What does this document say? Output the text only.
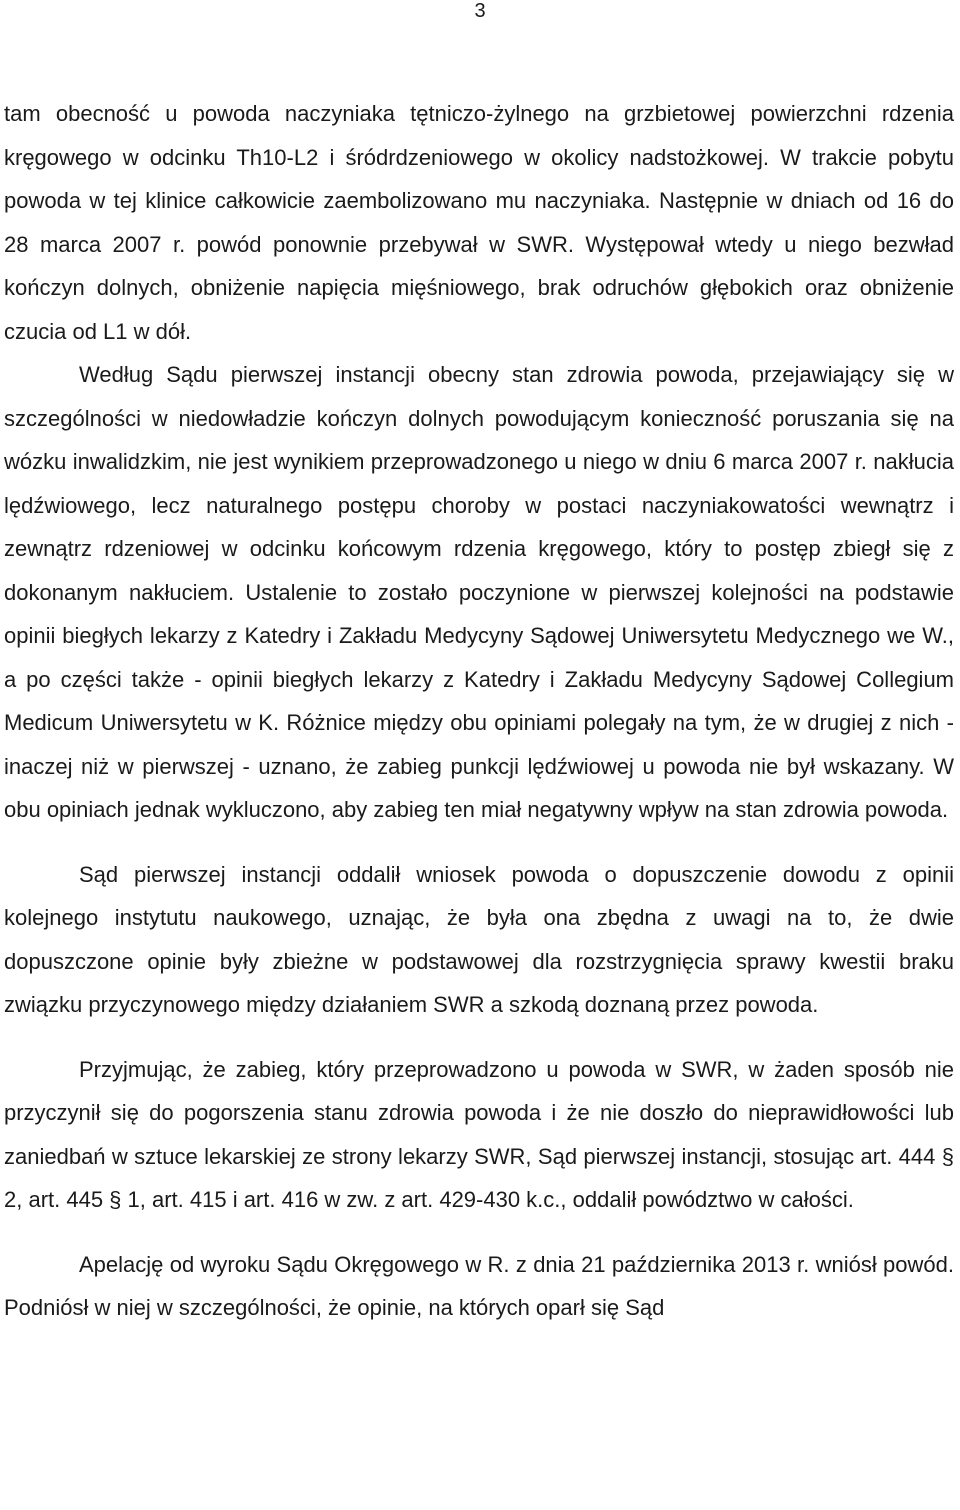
3

tam obecność u powoda naczyniaka tętniczo-żylnego na grzbietowej powierzchni rdzenia kręgowego w odcinku Th10-L2 i śródrdzeniowego w okolicy nadstożkowej. W trakcie pobytu powoda w tej klinice całkowicie zaembolizowano mu naczyniaka. Następnie w dniach od 16 do 28 marca 2007 r. powód ponownie przebywał w SWR. Występował wtedy u niego bezwład kończyn dolnych, obniżenie napięcia mięśniowego, brak odruchów głębokich oraz obniżenie czucia od L1 w dół.

Według Sądu pierwszej instancji obecny stan zdrowia powoda, przejawiający się w szczególności w niedowładzie kończyn dolnych powodującym konieczność poruszania się na wózku inwalidzkim, nie jest wynikiem przeprowadzonego u niego w dniu 6 marca 2007 r. nakłucia lędźwiowego, lecz naturalnego postępu choroby w postaci naczyniakowatości wewnątrz i zewnątrz rdzeniowej w odcinku końcowym rdzenia kręgowego, który to postęp zbiegł się z dokonanym nakłuciem. Ustalenie to zostało poczynione w pierwszej kolejności na podstawie opinii biegłych lekarzy z Katedry i Zakładu Medycyny Sądowej Uniwersytetu Medycznego we W., a po części także - opinii biegłych lekarzy z Katedry i Zakładu Medycyny Sądowej Collegium Medicum Uniwersytetu w K. Różnice między obu opiniami polegały na tym, że w drugiej z nich - inaczej niż w pierwszej - uznano, że zabieg punkcji lędźwiowej u powoda nie był wskazany. W obu opiniach jednak wykluczono, aby zabieg ten miał negatywny wpływ na stan zdrowia powoda.

Sąd pierwszej instancji oddalił wniosek powoda o dopuszczenie dowodu z opinii kolejnego instytutu naukowego, uznając, że była ona zbędna z uwagi na to, że dwie dopuszczone opinie były zbieżne w podstawowej dla rozstrzygnięcia sprawy kwestii braku związku przyczynowego między działaniem SWR a szkodą doznaną przez powoda.

Przyjmując, że zabieg, który przeprowadzono u powoda w SWR, w żaden sposób nie przyczynił się do pogorszenia stanu zdrowia powoda i że nie doszło do nieprawidłowości lub zaniedbań w sztuce lekarskiej ze strony lekarzy SWR, Sąd pierwszej instancji, stosując art. 444 § 2, art. 445 § 1, art. 415 i art. 416 w zw. z art. 429-430 k.c., oddalił powództwo w całości.

Apelację od wyroku Sądu Okręgowego w R. z dnia 21 października 2013 r. wniósł powód. Podniósł w niej w szczególności, że opinie, na których oparł się Sąd
